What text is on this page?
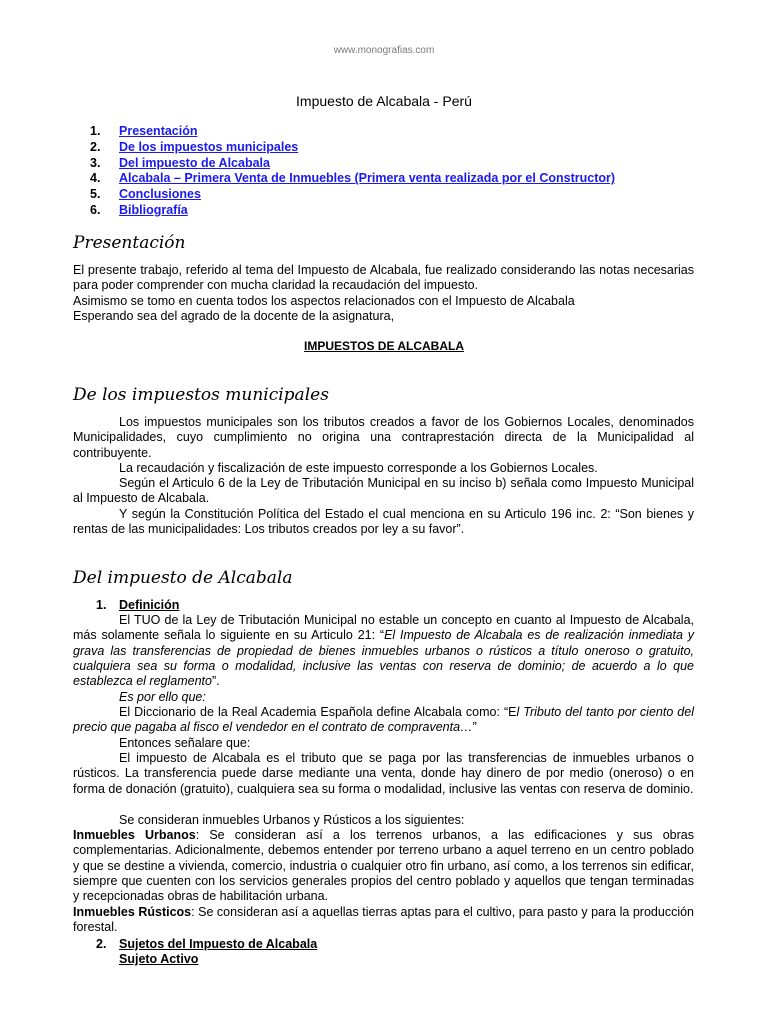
www.monografias.com
Impuesto de Alcabala - Perú
1. Presentación
2. De los impuestos municipales
3. Del impuesto de Alcabala
4. Alcabala – Primera Venta de Inmuebles (Primera venta realizada por el Constructor)
5. Conclusiones
6. Bibliografía
Presentación
El presente trabajo, referido al tema del Impuesto de Alcabala, fue realizado considerando las notas necesarias para poder comprender con mucha claridad la recaudación del impuesto.
Asimismo se tomo en cuenta todos los aspectos relacionados con el Impuesto de Alcabala
Esperando sea del agrado de la docente de la asignatura,
IMPUESTOS DE ALCABALA
De los impuestos municipales
Los impuestos municipales son los tributos creados a favor de los Gobiernos Locales, denominados Municipalidades, cuyo cumplimiento no origina una contraprestación directa de la Municipalidad al contribuyente.
La recaudación y fiscalización de este impuesto corresponde a los Gobiernos Locales.
Según el Articulo 6 de la Ley de Tributación Municipal en su inciso b) señala como Impuesto Municipal al Impuesto de Alcabala.
Y según la Constitución Política del Estado el cual menciona en su Articulo 196 inc. 2: “Son bienes y rentas de las municipalidades: Los tributos creados por ley a su favor”.
Del impuesto de Alcabala
1. Definición
El TUO de la Ley de Tributación Municipal no estable un concepto en cuanto al Impuesto de Alcabala, más solamente señala lo siguiente en su Articulo 21: “El Impuesto de Alcabala es de realización inmediata y grava las transferencias de propiedad de bienes inmuebles urbanos o rústicos a título oneroso o gratuito, cualquiera sea su forma o modalidad, inclusive las ventas con reserva de dominio; de acuerdo a lo que establezca el reglamento”.
Es por ello que:
El Diccionario de la Real Academia Española define Alcabala como: “El Tributo del tanto por ciento del precio que pagaba al fisco el vendedor en el contrato de compraventa…”
Entonces señalare que:
El impuesto de Alcabala es el tributo que se paga por las transferencias de inmuebles urbanos o rústicos. La transferencia puede darse mediante una venta, donde hay dinero de por medio (oneroso) o en forma de donación (gratuito), cualquiera sea su forma o modalidad, inclusive las ventas con reserva de dominio.
Se consideran inmuebles Urbanos y Rústicos a los siguientes:
Inmuebles Urbanos: Se consideran así a los terrenos urbanos, a las edificaciones y sus obras complementarias. Adicionalmente, debemos entender por terreno urbano a aquel terreno en un centro poblado y que se destine a vivienda, comercio, industria o cualquier otro fin urbano, así como, a los terrenos sin edificar, siempre que cuenten con los servicios generales propios del centro poblado y aquellos que tengan terminadas y recepcionadas obras de habilitación urbana.
Inmuebles Rústicos: Se consideran así a aquellas tierras aptas para el cultivo, para pasto y para la producción forestal.
2. Sujetos del Impuesto de Alcabala
Sujeto Activo
